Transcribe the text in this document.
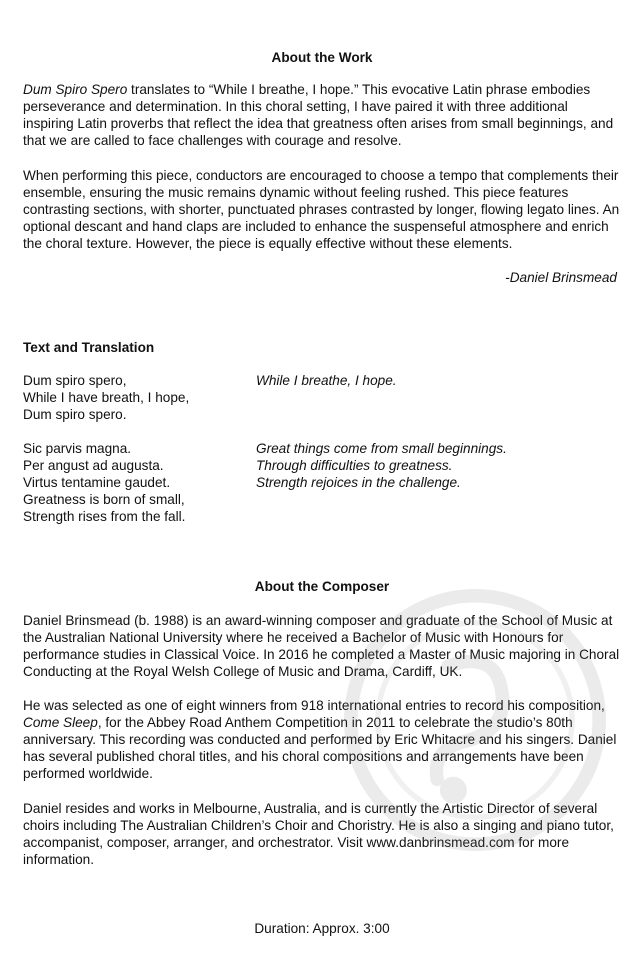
About the Work

Dum Spiro Spero translates to “While I breathe, I hope.” This evocative Latin phrase embodies perseverance and determination. In this choral setting, I have paired it with three additional inspiring Latin proverbs that reflect the idea that greatness often arises from small beginnings, and that we are called to face challenges with courage and resolve.

When performing this piece, conductors are encouraged to choose a tempo that complements their ensemble, ensuring the music remains dynamic without feeling rushed. This piece features contrasting sections, with shorter, punctuated phrases contrasted by longer, flowing legato lines. An optional descant and hand claps are included to enhance the suspenseful atmosphere and enrich the choral texture. However, the piece is equally effective without these elements.

-Daniel Brinsmead

Text and Translation
Dum spiro spero,
While I have breath, I hope,
Dum spiro spero.
While I breathe, I hope.
Sic parvis magna.
Per angust ad augusta.
Virtus tentamine gaudet.
Greatness is born of small,
Strength rises from the fall.
Great things come from small beginnings.
Through difficulties to greatness.
Strength rejoices in the challenge.
About the Composer

Daniel Brinsmead (b. 1988) is an award-winning composer and graduate of the School of Music at the Australian National University where he received a Bachelor of Music with Honours for performance studies in Classical Voice. In 2016 he completed a Master of Music majoring in Choral Conducting at the Royal Welsh College of Music and Drama, Cardiff, UK.

He was selected as one of eight winners from 918 international entries to record his composition, Come Sleep, for the Abbey Road Anthem Competition in 2011 to celebrate the studio’s 80th anniversary. This recording was conducted and performed by Eric Whitacre and his singers. Daniel has several published choral titles, and his choral compositions and arrangements have been performed worldwide.

Daniel resides and works in Melbourne, Australia, and is currently the Artistic Director of several choirs including The Australian Children’s Choir and Choristry. He is also a singing and piano tutor, accompanist, composer, arranger, and orchestrator. Visit www.danbrinsmead.com for more information.

Duration: Approx. 3:00
